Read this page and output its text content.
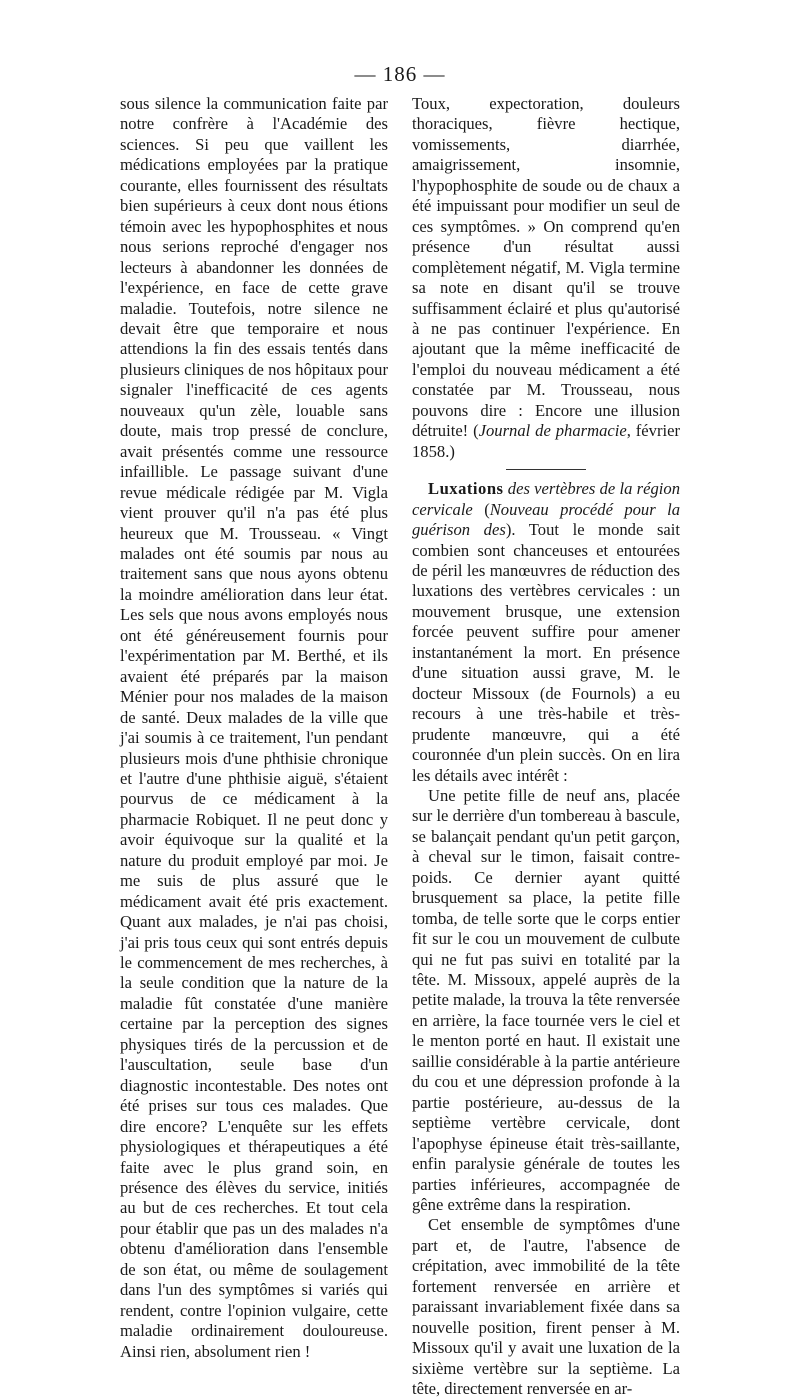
— 186 —

sous silence la communication faite par notre confrère à l'Académie des sciences. Si peu que vaillent les médications employées par la pratique courante, elles fournissent des résultats bien supérieurs à ceux dont nous étions témoin avec les hypophosphites et nous nous serions reproché d'engager nos lecteurs à abandonner les données de l'expérience, en face de cette grave maladie. Toutefois, notre silence ne devait être que temporaire et nous attendions la fin des essais tentés dans plusieurs cliniques de nos hôpitaux pour signaler l'inefficacité de ces agents nouveaux qu'un zèle, louable sans doute, mais trop pressé de conclure, avait présentés comme une ressource infaillible. Le passage suivant d'une revue médicale rédigée par M. Vigla vient prouver qu'il n'a pas été plus heureux que M. Trousseau. « Vingt malades ont été soumis par nous au traitement sans que nous ayons obtenu la moindre amélioration dans leur état. Les sels que nous avons employés nous ont été généreusement fournis pour l'expérimentation par M. Berthé, et ils avaient été préparés par la maison Ménier pour nos malades de la maison de santé. Deux malades de la ville que j'ai soumis à ce traitement, l'un pendant plusieurs mois d'une phthisie chronique et l'autre d'une phthisie aiguë, s'étaient pourvus de ce médicament à la pharmacie Robiquet. Il ne peut donc y avoir équivoque sur la qualité et la nature du produit employé par moi. Je me suis de plus assuré que le médicament avait été pris exactement. Quant aux malades, je n'ai pas choisi, j'ai pris tous ceux qui sont entrés depuis le commencement de mes recherches, à la seule condition que la nature de la maladie fût constatée d'une manière certaine par la perception des signes physiques tirés de la percussion et de l'auscultation, seule base d'un diagnostic incontestable. Des notes ont été prises sur tous ces malades. Que dire encore? L'enquête sur les effets physiologiques et thérapeutiques a été faite avec le plus grand soin, en présence des élèves du service, initiés au but de ces recherches. Et tout cela pour établir que pas un des malades n'a obtenu d'amélioration dans l'ensemble de son état, ou même de soulagement dans l'un des symptômes si variés qui rendent, contre l'opinion vulgaire, cette maladie ordinairement douloureuse. Ainsi rien, absolument rien !

Toux, expectoration, douleurs thoraciques, fièvre hectique, vomissements, diarrhée, amaigrissement, insomnie, l'hypophosphite de soude ou de chaux a été impuissant pour modifier un seul de ces symptômes. » On comprend qu'en présence d'un résultat aussi complètement négatif, M. Vigla termine sa note en disant qu'il se trouve suffisamment éclairé et plus qu'autorisé à ne pas continuer l'expérience. En ajoutant que la même inefficacité de l'emploi du nouveau médicament a été constatée par M. Trousseau, nous pouvons dire : Encore une illusion détruite! (Journal de pharmacie, février 1858.)

Luxations des vertèbres de la région cervicale (Nouveau procédé pour la guérison des). Tout le monde sait combien sont chanceuses et entourées de péril les manœuvres de réduction des luxations des vertèbres cervicales : un mouvement brusque, une extension forcée peuvent suffire pour amener instantanément la mort. En présence d'une situation aussi grave, M. le docteur Missoux (de Fournols) a eu recours à une très-habile et très-prudente manœuvre, qui a été couronnée d'un plein succès. On en lira les détails avec intérêt :

Une petite fille de neuf ans, placée sur le derrière d'un tombereau à bascule, se balançait pendant qu'un petit garçon, à cheval sur le timon, faisait contre-poids. Ce dernier ayant quitté brusquement sa place, la petite fille tomba, de telle sorte que le corps entier fit sur le cou un mouvement de culbute qui ne fut pas suivi en totalité par la tête. M. Missoux, appelé auprès de la petite malade, la trouva la tête renversée en arrière, la face tournée vers le ciel et le menton porté en haut. Il existait une saillie considérable à la partie antérieure du cou et une dépression profonde à la partie postérieure, au-dessus de la septième vertèbre cervicale, dont l'apophyse épineuse était très-saillante, enfin paralysie générale de toutes les parties inférieures, accompagnée de gêne extrême dans la respiration.

Cet ensemble de symptômes d'une part et, de l'autre, l'absence de crépitation, avec immobilité de la tête fortement renversée en arrière et paraissant invariablement fixée dans sa nouvelle position, firent penser à M. Missoux qu'il y avait une luxation de la sixième vertèbre sur la septième. La tête, directement renversée en ar-
